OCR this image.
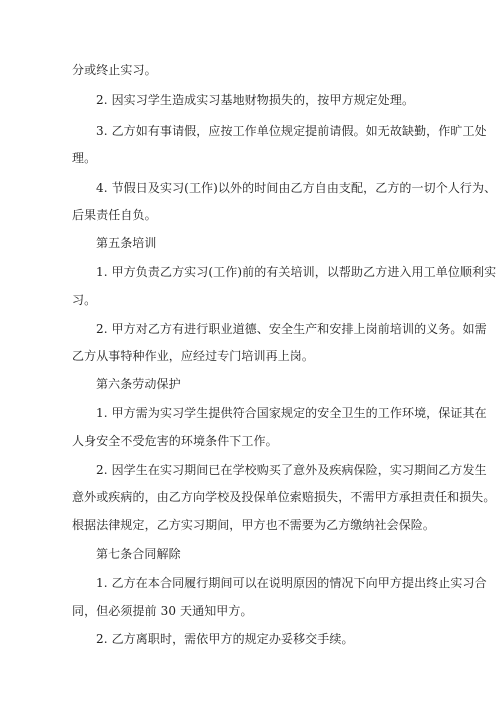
分或终止实习。
2. 因实习学生造成实习基地财物损失的，按甲方规定处理。
3. 乙方如有事请假，应按工作单位规定提前请假。如无故缺勤，作旷工处
理。
4. 节假日及实习(工作)以外的时间由乙方自由支配，乙方的一切个人行为、
后果责任自负。
第五条培训
1. 甲方负责乙方实习(工作)前的有关培训，以帮助乙方进入用工单位顺利实
习。
2. 甲方对乙方有进行职业道德、安全生产和安排上岗前培训的义务。如需
乙方从事特种作业，应经过专门培训再上岗。
第六条劳动保护
1. 甲方需为实习学生提供符合国家规定的安全卫生的工作环境，保证其在
人身安全不受危害的环境条件下工作。
2. 因学生在实习期间已在学校购买了意外及疾病保险，实习期间乙方发生
意外或疾病的，由乙方向学校及投保单位索赔损失，不需甲方承担责任和损失。
根据法律规定，乙方实习期间，甲方也不需要为乙方缴纳社会保险。
第七条合同解除
1. 乙方在本合同履行期间可以在说明原因的情况下向甲方提出终止实习合
同，但必须提前 30 天通知甲方。
2. 乙方离职时，需依甲方的规定办妥移交手续。
